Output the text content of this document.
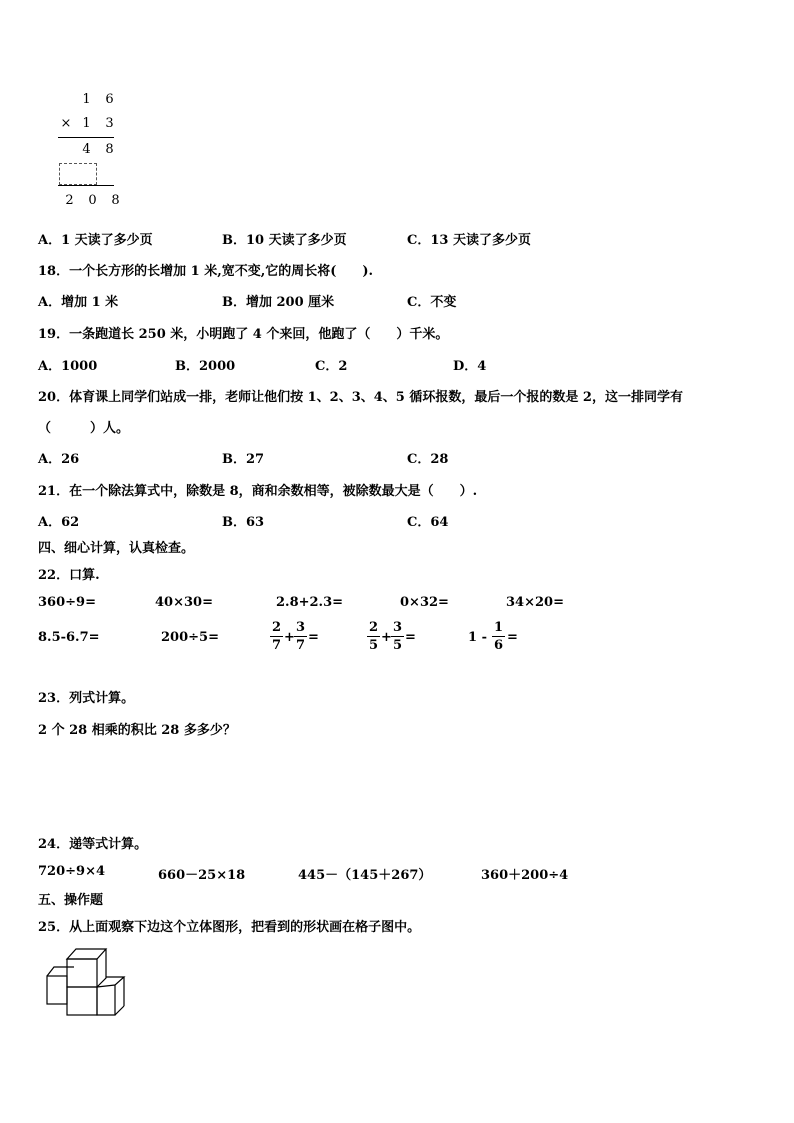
1 6
× 1 3
4 8
2 0 8
A．1 天读了多少页	B．10 天读了多少页	C．13 天读了多少页
18．一个长方形的长增加 1 米,宽不变,它的周长将(　　).
A．增加 1 米	B．增加 200 厘米	C．不变
19．一条跑道长 250 米，小明跑了 4 个来回，他跑了（　　）千米。
A．1000	B．2000	C．2	D．4
20．体育课上同学们站成一排，老师让他们按 1、2、3、4、5 循环报数，最后一个报的数是 2，这一排同学有
（　　　）人。
A．26	B．27	C．28
21．在一个除法算式中，除数是 8，商和余数相等，被除数最大是（　　）.
A．62	B．63	C．64
四、细心计算，认真检查。
22．口算.
360÷9=	40×30=	2.8+2.3=	0×32=	34×20=
8.5-6.7=	200÷5=	$\frac{2}{7} + \frac{3}{7}$ =	$\frac{2}{5} + \frac{3}{5}$ =	$1 - \frac{1}{6}$ =
23．列式计算。
2 个 28 相乘的积比 28 多多少？
24．递等式计算。
720÷9×4	660－25×18	445－（145＋267）	360＋200÷4
五、操作题
25．从上面观察下边这个立体图形，把看到的形状画在格子图中。
